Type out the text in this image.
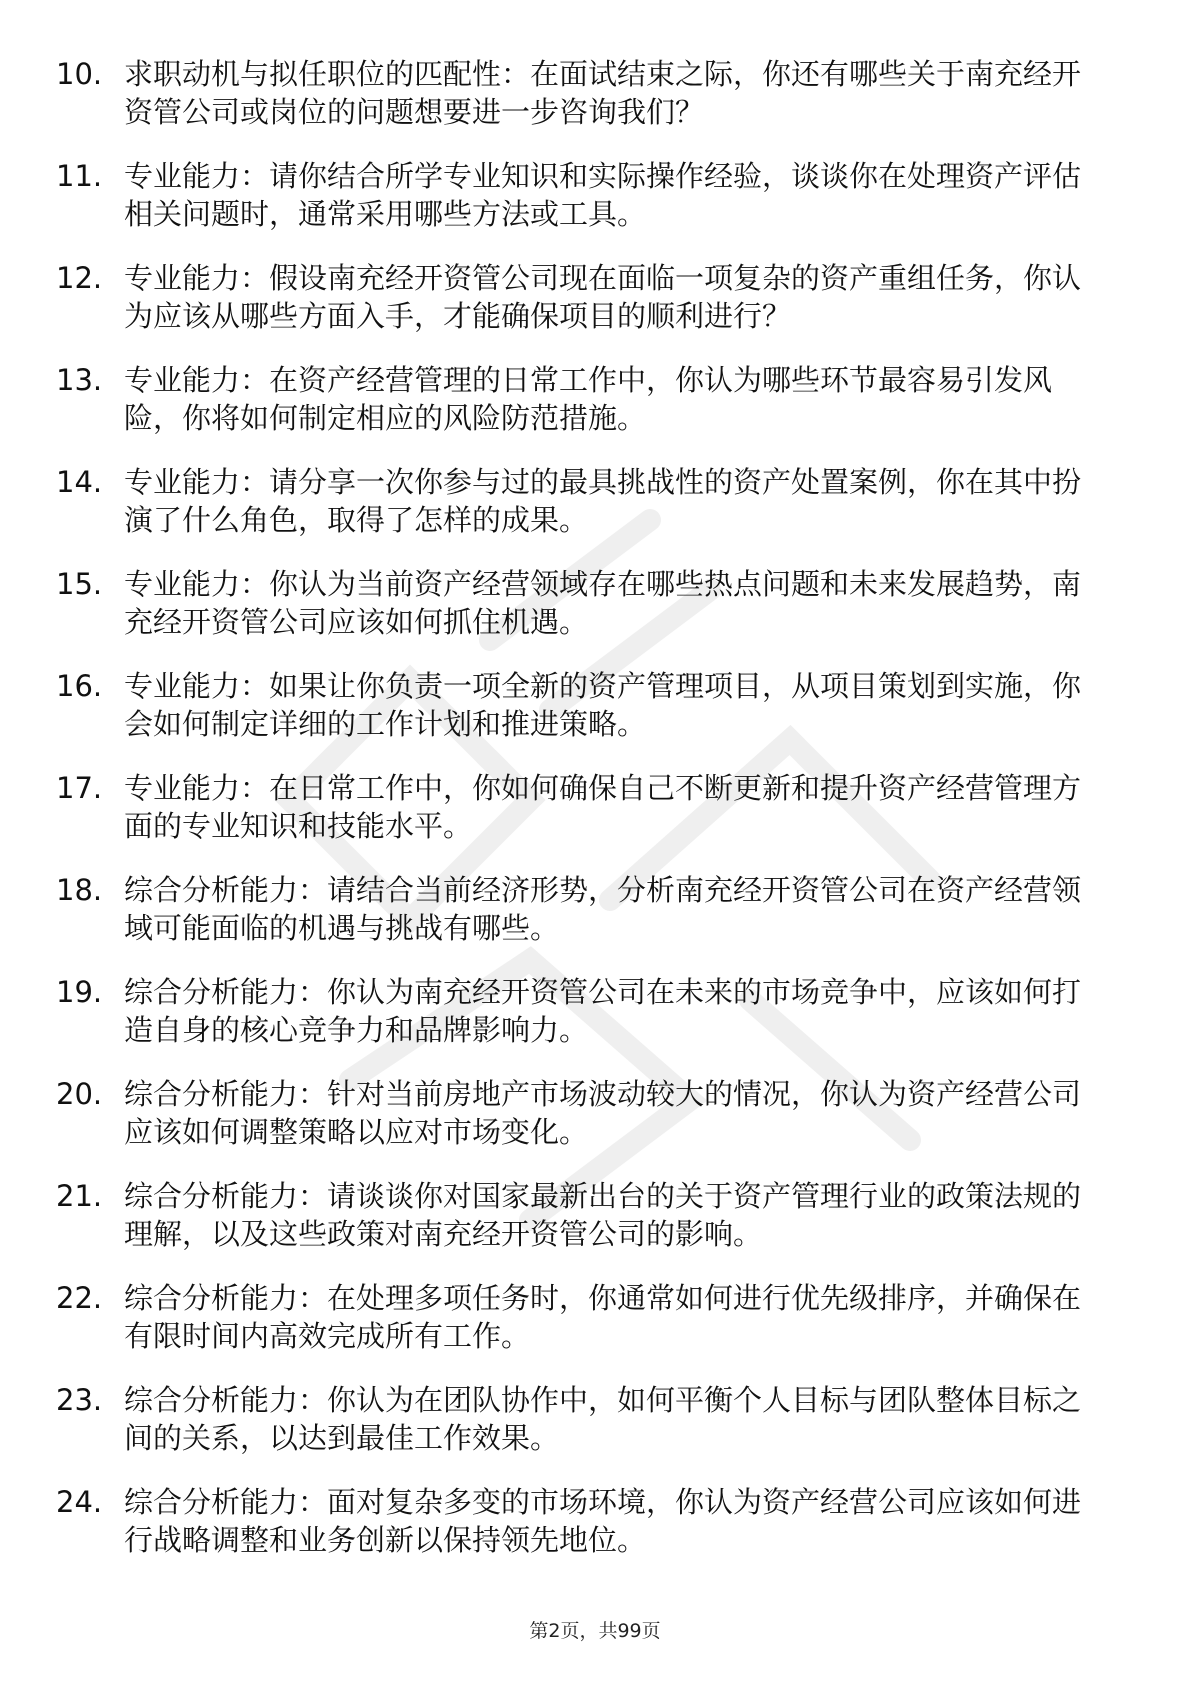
10. 求职动机与拟任职位的匹配性：在面试结束之际，你还有哪些关于南充经开资管公司或岗位的问题想要进一步咨询我们？
11. 专业能力：请你结合所学专业知识和实际操作经验，谈谈你在处理资产评估相关问题时，通常采用哪些方法或工具。
12. 专业能力：假设南充经开资管公司现在面临一项复杂的资产重组任务，你认为应该从哪些方面入手，才能确保项目的顺利进行？
13. 专业能力：在资产经营管理的日常工作中，你认为哪些环节最容易引发风险，你将如何制定相应的风险防范措施。
14. 专业能力：请分享一次你参与过的最具挑战性的资产处置案例，你在其中扮演了什么角色，取得了怎样的成果。
15. 专业能力：你认为当前资产经营领域存在哪些热点问题和未来发展趋势，南充经开资管公司应该如何抓住机遇。
16. 专业能力：如果让你负责一项全新的资产管理项目，从项目策划到实施，你会如何制定详细的工作计划和推进策略。
17. 专业能力：在日常工作中，你如何确保自己不断更新和提升资产经营管理方面的专业知识和技能水平。
18. 综合分析能力：请结合当前经济形势，分析南充经开资管公司在资产经营领域可能面临的机遇与挑战有哪些。
19. 综合分析能力：你认为南充经开资管公司在未来的市场竞争中，应该如何打造自身的核心竞争力和品牌影响力。
20. 综合分析能力：针对当前房地产市场波动较大的情况，你认为资产经营公司应该如何调整策略以应对市场变化。
21. 综合分析能力：请谈谈你对国家最新出台的关于资产管理行业的政策法规的理解，以及这些政策对南充经开资管公司的影响。
22. 综合分析能力：在处理多项任务时，你通常如何进行优先级排序，并确保在有限时间内高效完成所有工作。
23. 综合分析能力：你认为在团队协作中，如何平衡个人目标与团队整体目标之间的关系，以达到最佳工作效果。
24. 综合分析能力：面对复杂多变的市场环境，你认为资产经营公司应该如何进行战略调整和业务创新以保持领先地位。
第2页，共99页
